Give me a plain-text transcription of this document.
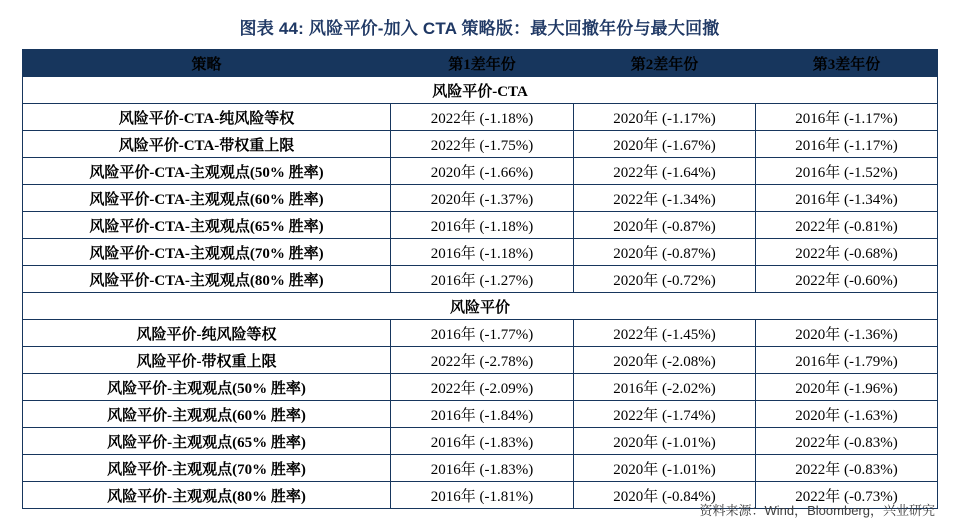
图表 44: 风险平价-加入 CTA 策略版：最大回撤年份与最大回撤
策略	第1差年份	第2差年份	第3差年份
风险平价-CTA			
风险平价-CTA-纯风险等权	2022年 (-1.18%)	2020年 (-1.17%)	2016年 (-1.17%)
风险平价-CTA-带权重上限	2022年 (-1.75%)	2020年 (-1.67%)	2016年 (-1.17%)
风险平价-CTA-主观观点(50% 胜率)	2020年 (-1.66%)	2022年 (-1.64%)	2016年 (-1.52%)
风险平价-CTA-主观观点(60% 胜率)	2020年 (-1.37%)	2022年 (-1.34%)	2016年 (-1.34%)
风险平价-CTA-主观观点(65% 胜率)	2016年 (-1.18%)	2020年 (-0.87%)	2022年 (-0.81%)
风险平价-CTA-主观观点(70% 胜率)	2016年 (-1.18%)	2020年 (-0.87%)	2022年 (-0.68%)
风险平价-CTA-主观观点(80% 胜率)	2016年 (-1.27%)	2020年 (-0.72%)	2022年 (-0.60%)
风险平价			
风险平价-纯风险等权	2016年 (-1.77%)	2022年 (-1.45%)	2020年 (-1.36%)
风险平价-带权重上限	2022年 (-2.78%)	2020年 (-2.08%)	2016年 (-1.79%)
风险平价-主观观点(50% 胜率)	2022年 (-2.09%)	2016年 (-2.02%)	2020年 (-1.96%)
风险平价-主观观点(60% 胜率)	2016年 (-1.84%)	2022年 (-1.74%)	2020年 (-1.63%)
风险平价-主观观点(65% 胜率)	2016年 (-1.83%)	2020年 (-1.01%)	2022年 (-0.83%)
风险平价-主观观点(70% 胜率)	2016年 (-1.83%)	2020年 (-1.01%)	2022年 (-0.83%)
风险平价-主观观点(80% 胜率)	2016年 (-1.81%)	2020年 (-0.84%)	2022年 (-0.73%)
资料来源：Wind，Bloomberg，兴业研究
